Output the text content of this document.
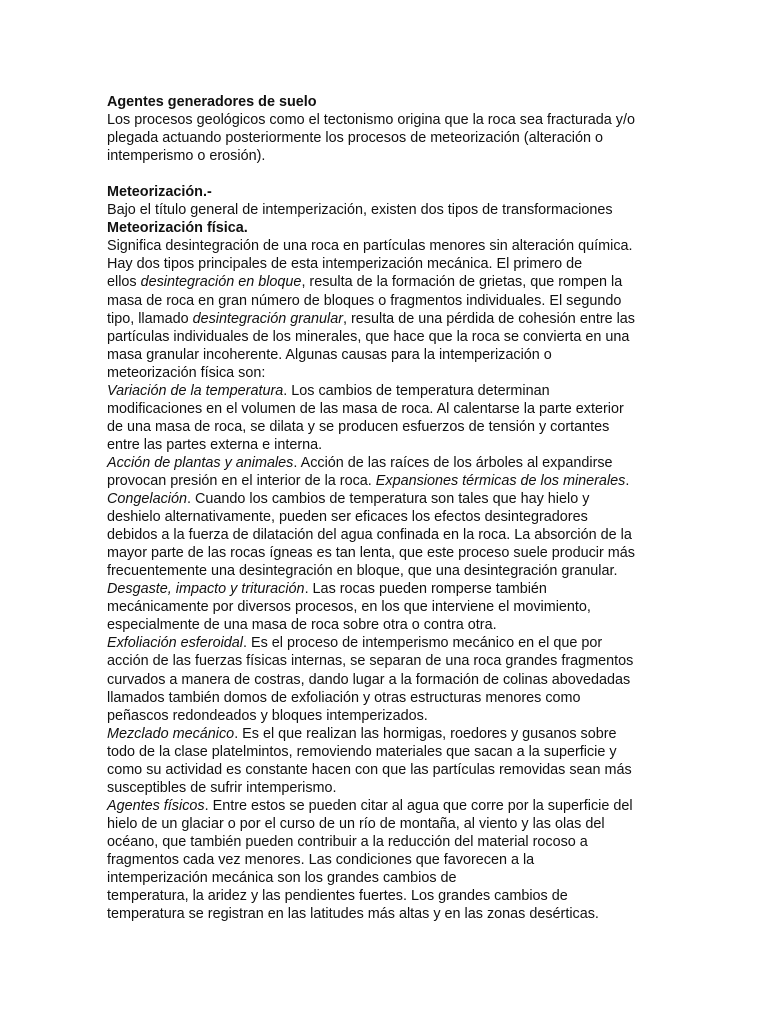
Agentes generadores de suelo
Los procesos geológicos como el tectonismo origina que la roca sea fracturada y/o
plegada actuando posteriormente los procesos de meteorización (alteración o
intemperismo o erosión).
Meteorización.-
Bajo el título general de intemperización, existen dos tipos de transformaciones
Meteorización física.
Significa desintegración de una roca en partículas menores sin alteración química.
Hay dos tipos principales de esta intemperización mecánica. El primero de
ellos desintegración en bloque, resulta de la formación de grietas, que rompen la
masa de roca en gran número de bloques o fragmentos individuales. El segundo
tipo, llamado desintegración granular, resulta de una pérdida de cohesión entre las
partículas individuales de los minerales, que hace que la roca se convierta en una
masa granular incoherente. Algunas causas para la intemperización o
meteorización física son:
Variación de la temperatura. Los cambios de temperatura determinan
modificaciones en el volumen de las masa de roca. Al calentarse la parte exterior
de una masa de roca, se dilata y se producen esfuerzos de tensión y cortantes
entre las partes externa e interna.
Acción de plantas y animales. Acción de las raíces de los árboles al expandirse
provocan presión en el interior de la roca. Expansiones térmicas de los minerales.
Congelación. Cuando los cambios de temperatura son tales que hay hielo y
deshielo alternativamente, pueden ser eficaces los efectos desintegradores
debidos a la fuerza de dilatación del agua confinada en la roca. La absorción de la
mayor parte de las rocas ígneas es tan lenta, que este proceso suele producir más
frecuentemente una desintegración en bloque, que una desintegración granular.
Desgaste, impacto y trituración. Las rocas pueden romperse también
mecánicamente por diversos procesos, en los que interviene el movimiento,
especialmente de una masa de roca sobre otra o contra otra.
Exfoliación esferoidal. Es el proceso de intemperismo mecánico en el que por
acción de las fuerzas físicas internas, se separan de una roca grandes fragmentos
curvados a manera de costras, dando lugar a la formación de colinas abovedadas
llamados también domos de exfoliación y otras estructuras menores como
peñascos redondeados y bloques intemperizados.
Mezclado mecánico. Es el que realizan las hormigas, roedores y gusanos sobre
todo de la clase platelmintos, removiendo materiales que sacan a la superficie y
como su actividad es constante hacen con que las partículas removidas sean más
susceptibles de sufrir intemperismo.
Agentes físicos. Entre estos se pueden citar al agua que corre por la superficie del
hielo de un glaciar o por el curso de un río de montaña, al viento y las olas del
océano, que también pueden contribuir a la reducción del material rocoso a
fragmentos cada vez menores. Las condiciones que favorecen a la
intemperización mecánica son los grandes cambios de
temperatura, la aridez y las pendientes fuertes. Los grandes cambios de
temperatura se registran en las latitudes más altas y en las zonas desérticas.
